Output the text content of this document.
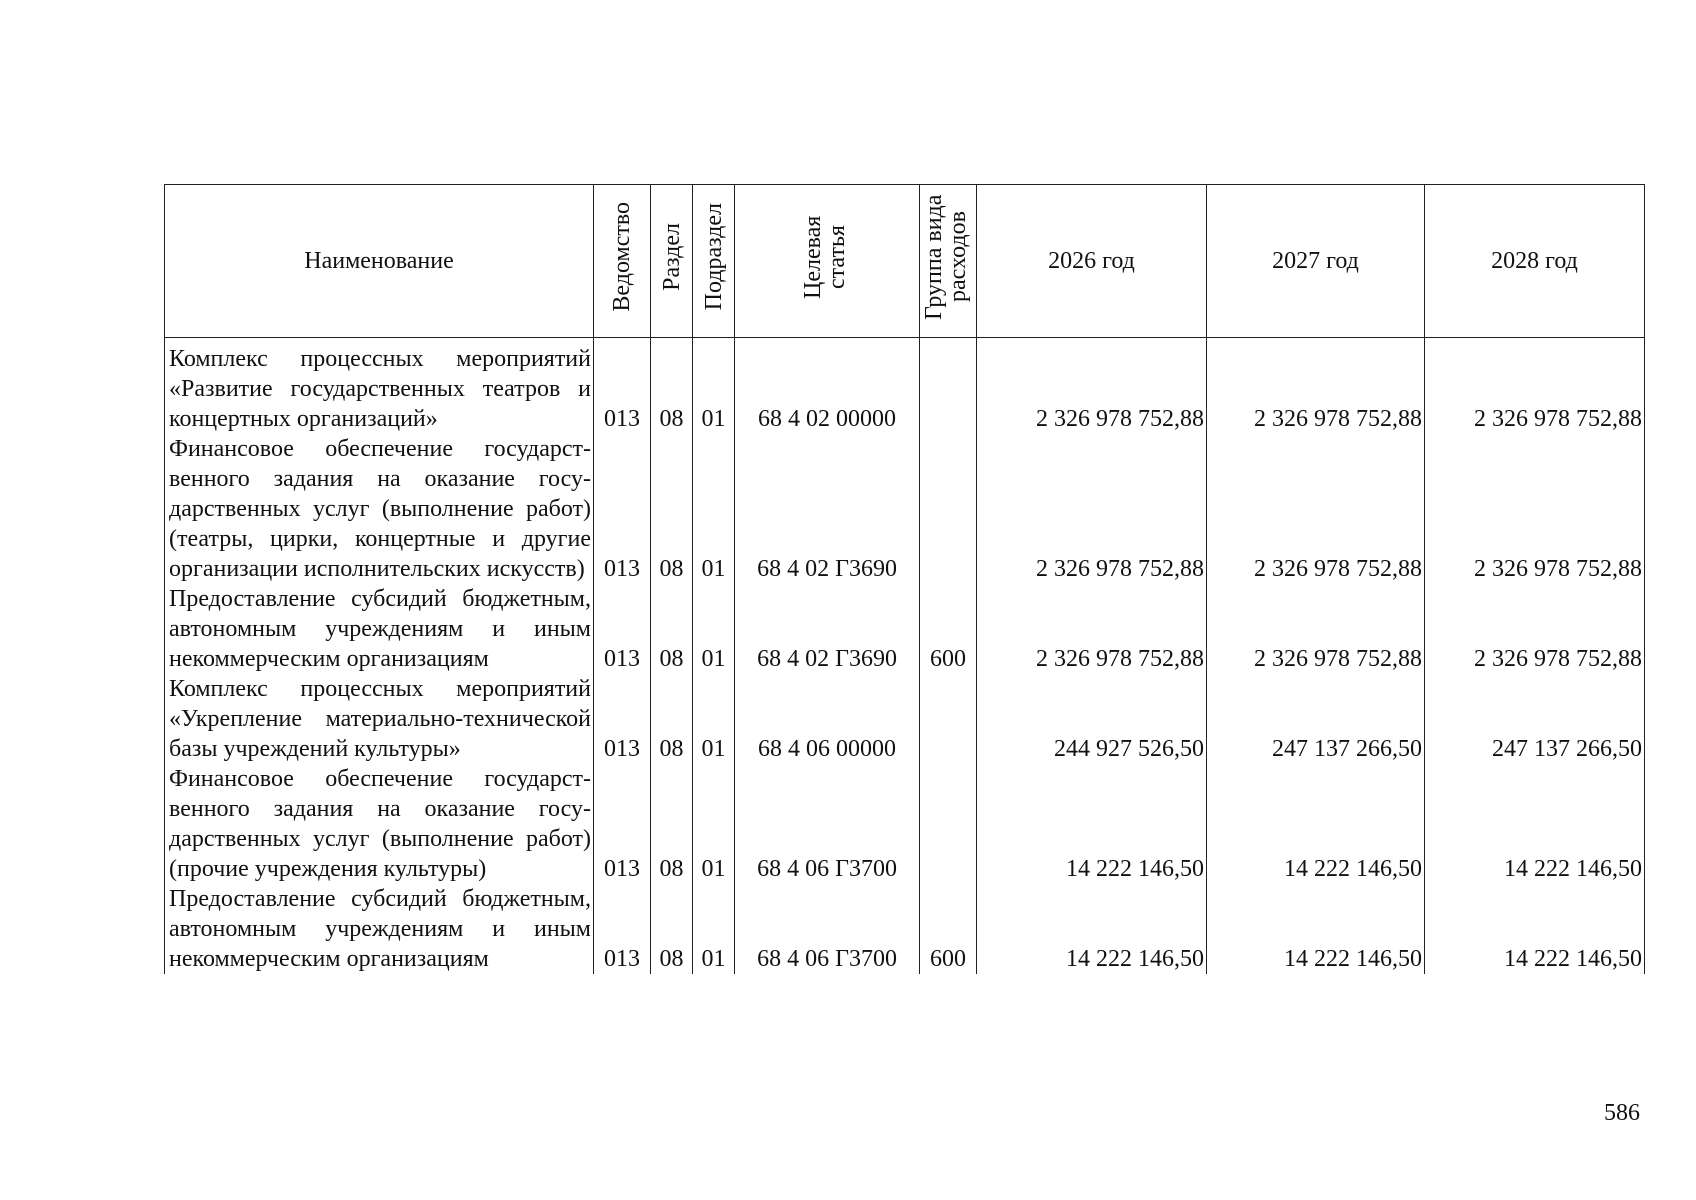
Наименование	Ведомство	Раздел	Подраздел	Целевая статья	Группа вида расходов	2026 год	2027 год	2028 год
Комплекс процессных мероприятий «Развитие государственных театров и концертных организаций»	013	08	01	68 4 02 00000		2 326 978 752,88	2 326 978 752,88	2 326 978 752,88
Финансовое обеспечение государственного задания на оказание государственных услуг (выполнение работ) (театры, цирки, концертные и другие организации исполнительских искусств)	013	08	01	68 4 02 Г3690		2 326 978 752,88	2 326 978 752,88	2 326 978 752,88
Предоставление субсидий бюджетным, автономным учреждениям и иным некоммерческим организациям	013	08	01	68 4 02 Г3690	600	2 326 978 752,88	2 326 978 752,88	2 326 978 752,88
Комплекс процессных мероприятий «Укрепление материально-технической базы учреждений культуры»	013	08	01	68 4 06 00000		244 927 526,50	247 137 266,50	247 137 266,50
Финансовое обеспечение государственного задания на оказание государственных услуг (выполнение работ) (прочие учреждения культуры)	013	08	01	68 4 06 Г3700		14 222 146,50	14 222 146,50	14 222 146,50
Предоставление субсидий бюджетным, автономным учреждениям и иным некоммерческим организациям	013	08	01	68 4 06 Г3700	600	14 222 146,50	14 222 146,50	14 222 146,50
586
